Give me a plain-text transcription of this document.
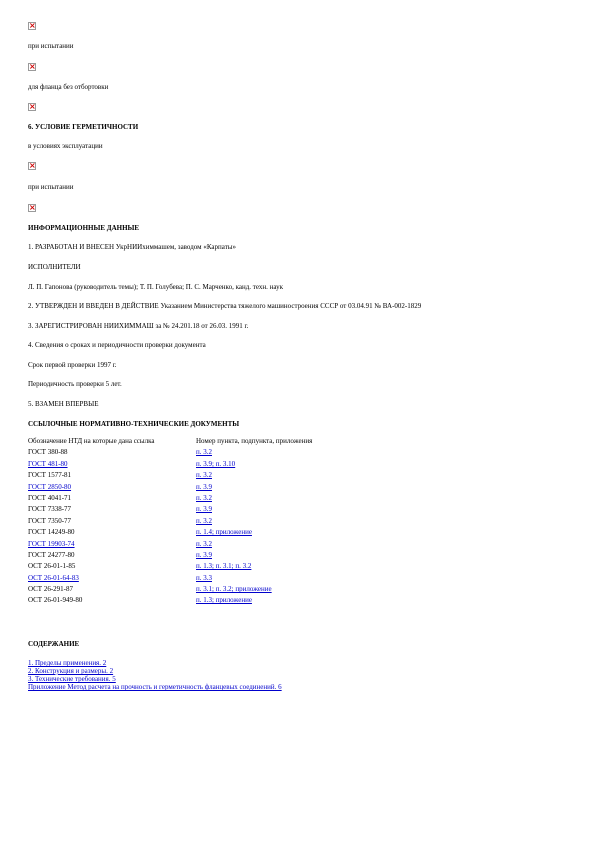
×
при испытании
×
для фланца без отбортовки
×
6. УСЛОВИЕ ГЕРМЕТИЧНОСТИ
в условиях эксплуатации
×
при испытании
×
ИНФОРМАЦИОННЫЕ ДАННЫЕ
1. РАЗРАБОТАН И ВНЕСЕН УкрНИИхиммашем, заводом «Карпаты»
ИСПОЛНИТЕЛИ
Л. П. Гапонова (руководитель темы); Т. П. Голубева; П. С. Марченко, канд. техн. наук
2. УТВЕРЖДЕН И ВВЕДЕН В ДЕЙСТВИЕ Указанием Министерства тяжелого машиностроения СССР от 03.04.91 № ВА-002-1829
3. ЗАРЕГИСТРИРОВАН НИИХИММАШ за № 24.201.18 от 26.03. 1991 г.
4. Сведения о сроках и периодичности проверки документа
Срок первой проверки 1997 г.
Периодичность проверки 5 лет.
5. ВЗАМЕН ВПЕРВЫЕ
ССЫЛОЧНЫЕ НОРМАТИВНО-ТЕХНИЧЕСКИЕ ДОКУМЕНТЫ
Обозначение НТД на которые дана ссылка	Номер пункта, подпункта, приложения
ГОСТ 380-88	п. 3.2
ГОСТ 481-80	п. 3.9; п. 3.10
ГОСТ 1577-81	п. 3.2
ГОСТ 2850-80	п. 3.9
ГОСТ 4041-71	п. 3.2
ГОСТ 7338-77	п. 3.9
ГОСТ 7350-77	п. 3.2
ГОСТ 14249-80	п. 1.4; приложение
ГОСТ 19903-74	п. 3.2
ГОСТ 24277-80	п. 3.9
ОСТ 26-01-1-85	п. 1.3; п. 3.1; п. 3.2
ОСТ 26-01-64-83	п. 3.3
ОСТ 26-291-87	п. 3.1; п. 3.2; приложение
ОСТ 26-01-949-80	п. 1.3; приложение
СОДЕРЖАНИЕ
1. Пределы применения. 2
2. Конструкция и размеры. 2
3. Технические требования. 5
Приложение Метод расчета на прочность и герметичность фланцевых соединений. 6
